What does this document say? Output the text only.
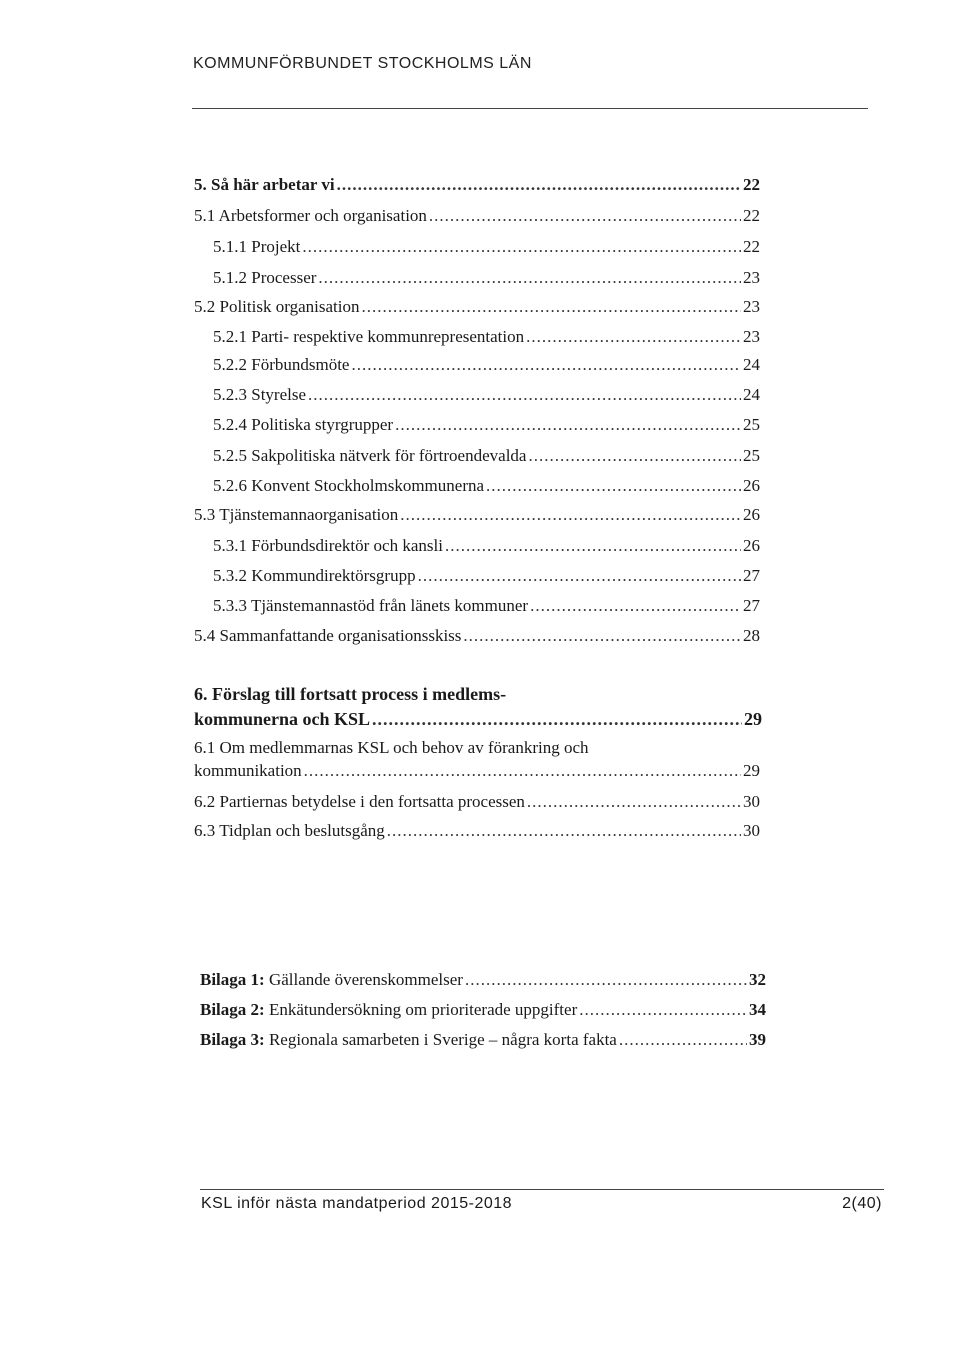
KOMMUNFÖRBUNDET STOCKHOLMS LÄN
5. Så här arbetar vi .....	22
5.1 Arbetsformer och organisation .....	22
5.1.1 Projekt .....	22
5.1.2 Processer .....	23
5.2 Politisk organisation .....	23
5.2.1 Parti- respektive kommunrepresentation .....	23
5.2.2 Förbundsmöte .....	24
5.2.3 Styrelse .....	24
5.2.4 Politiska styrgrupper .....	25
5.2.5 Sakpolitiska nätverk för förtroendevalda .....	25
5.2.6 Konvent Stockholmskommunerna .....	26
5.3 Tjänstemannaorganisation .....	26
5.3.1 Förbundsdirektör och kansli .....	26
5.3.2 Kommundirektörsgrupp .....	27
5.3.3 Tjänstemannastöd från länets kommuner .....	27
5.4 Sammanfattande organisationsskiss .....	28
6. Förslag till fortsatt process i medlems-
kommunerna och KSL .....	29
6.1 Om medlemmarnas KSL och behov av förankring och
kommunikation .....	29
6.2 Partiernas betydelse i den fortsatta processen .....	30
6.3 Tidplan och beslutsgång .....	30
Bilaga 1: Gällande överenskommelser .....	32
Bilaga 2: Enkätundersökning om prioriterade uppgifter .....	34
Bilaga 3: Regionala samarbeten i Sverige – några korta fakta .....	39
KSL inför nästa mandatperiod 2015-2018	2(40)
